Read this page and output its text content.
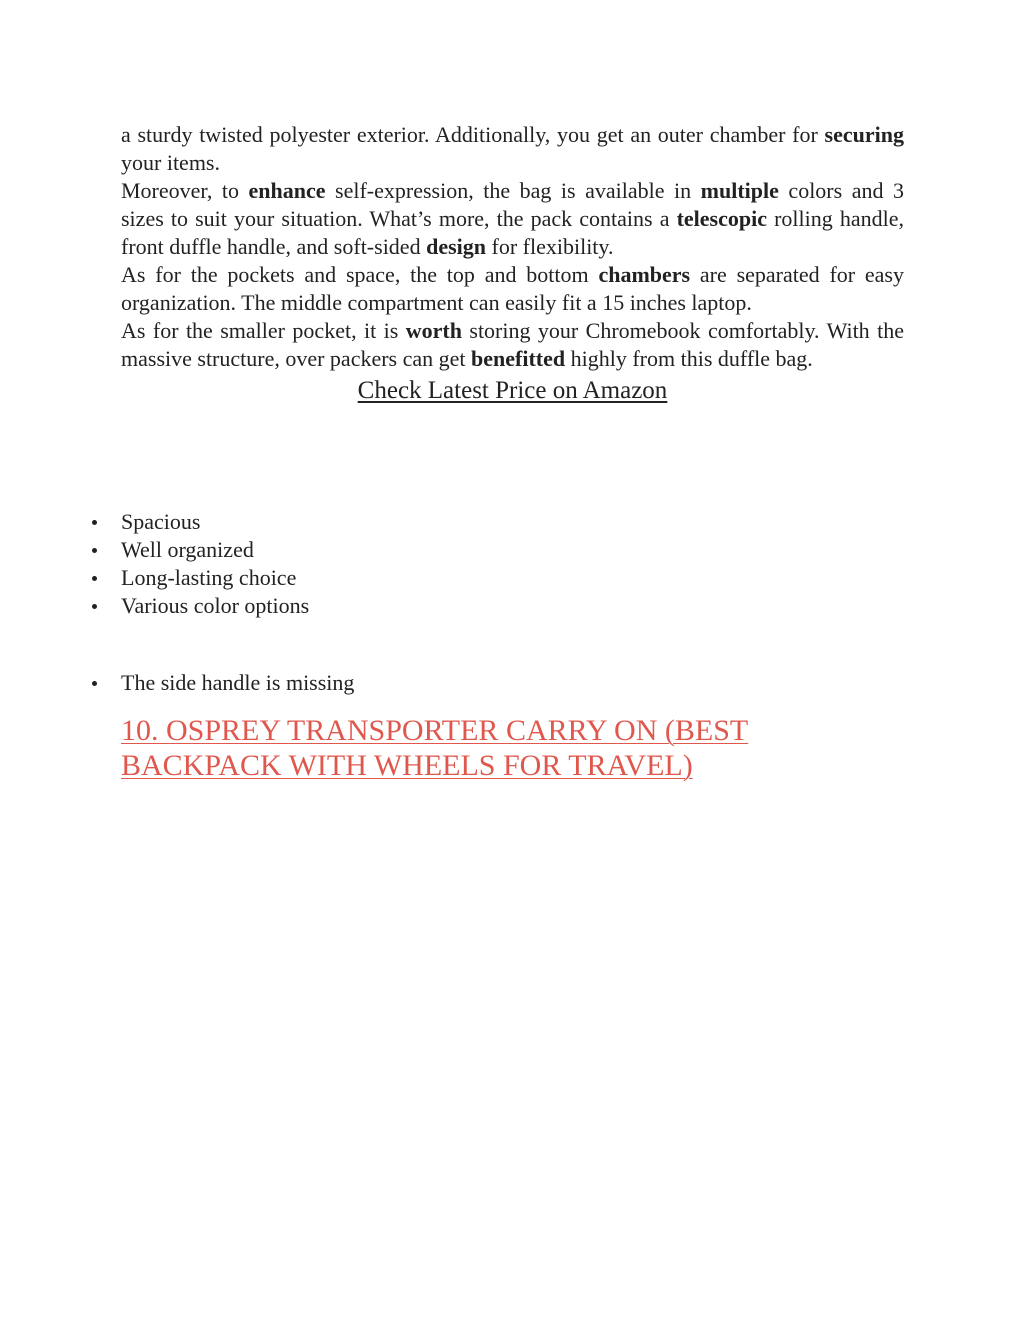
a sturdy twisted polyester exterior. Additionally, you get an outer chamber for securing your items.

Moreover, to enhance self-expression, the bag is available in multiple colors and 3 sizes to suit your situation. What’s more, the pack contains a telescopic rolling handle, front duffle handle, and soft-sided design for flexibility.

As for the pockets and space, the top and bottom chambers are separated for easy organization. The middle compartment can easily fit a 15 inches laptop.

As for the smaller pocket, it is worth storing your Chromebook comfortably. With the massive structure, over packers can get benefitted highly from this duffle bag.

Check Latest Price on Amazon
Spacious
Well organized
Long-lasting choice
Various color options
The side handle is missing
10. OSPREY TRANSPORTER CARRY ON (BEST BACKPACK WITH WHEELS FOR TRAVEL)
